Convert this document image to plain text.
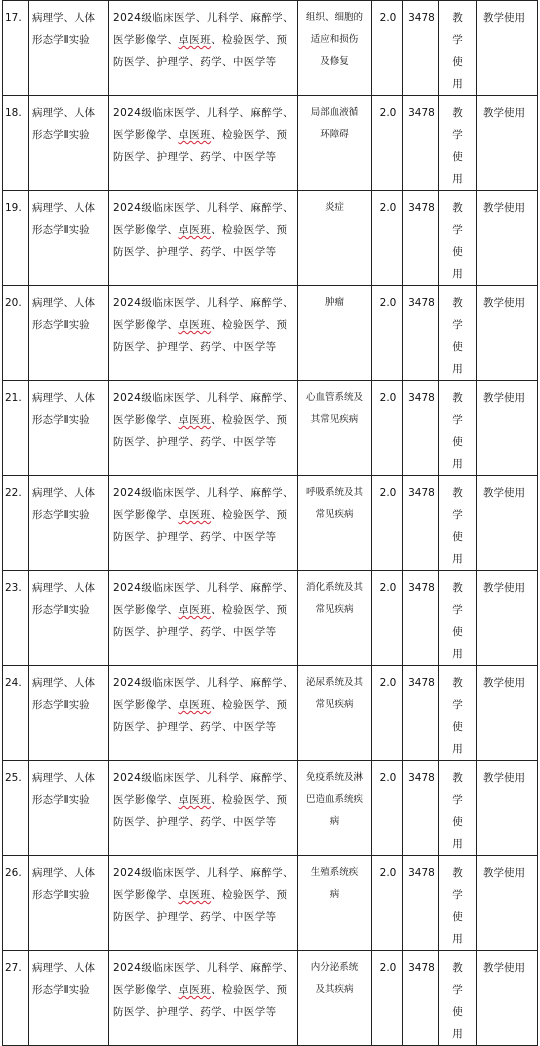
17.	病理学、人体
形态学Ⅱ实验	2024级临床医学、儿科学、麻醉学、
医学影像学、卓医班、检验医学、预
防医学、护理学、药学、中医学等	组织、细胞的
适应和损伤
及修复	2.0	3478	教学使用	教学使用
18.	病理学、人体
形态学Ⅱ实验	2024级临床医学、儿科学、麻醉学、
医学影像学、卓医班、检验医学、预
防医学、护理学、药学、中医学等	局部血液循
环障碍	2.0	3478	教学使用	教学使用
19.	病理学、人体
形态学Ⅱ实验	2024级临床医学、儿科学、麻醉学、
医学影像学、卓医班、检验医学、预
防医学、护理学、药学、中医学等	炎症	2.0	3478	教学使用	教学使用
20.	病理学、人体
形态学Ⅱ实验	2024级临床医学、儿科学、麻醉学、
医学影像学、卓医班、检验医学、预
防医学、护理学、药学、中医学等	肿瘤	2.0	3478	教学使用	教学使用
21.	病理学、人体
形态学Ⅱ实验	2024级临床医学、儿科学、麻醉学、
医学影像学、卓医班、检验医学、预
防医学、护理学、药学、中医学等	心血管系统及
其常见疾病	2.0	3478	教学使用	教学使用
22.	病理学、人体
形态学Ⅱ实验	2024级临床医学、儿科学、麻醉学、
医学影像学、卓医班、检验医学、预
防医学、护理学、药学、中医学等	呼吸系统及其
常见疾病	2.0	3478	教学使用	教学使用
23.	病理学、人体
形态学Ⅱ实验	2024级临床医学、儿科学、麻醉学、
医学影像学、卓医班、检验医学、预
防医学、护理学、药学、中医学等	消化系统及其
常见疾病	2.0	3478	教学使用	教学使用
24.	病理学、人体
形态学Ⅱ实验	2024级临床医学、儿科学、麻醉学、
医学影像学、卓医班、检验医学、预
防医学、护理学、药学、中医学等	泌尿系统及其
常见疾病	2.0	3478	教学使用	教学使用
25.	病理学、人体
形态学Ⅱ实验	2024级临床医学、儿科学、麻醉学、
医学影像学、卓医班、检验医学、预
防医学、护理学、药学、中医学等	免疫系统及淋
巴造血系统疾
病	2.0	3478	教学使用	教学使用
26.	病理学、人体
形态学Ⅱ实验	2024级临床医学、儿科学、麻醉学、
医学影像学、卓医班、检验医学、预
防医学、护理学、药学、中医学等	生殖系统疾
病	2.0	3478	教学使用	教学使用
27.	病理学、人体
形态学Ⅱ实验	2024级临床医学、儿科学、麻醉学、
医学影像学、卓医班、检验医学、预
防医学、护理学、药学、中医学等	内分泌系统
及其疾病	2.0	3478	教学使用	教学使用
